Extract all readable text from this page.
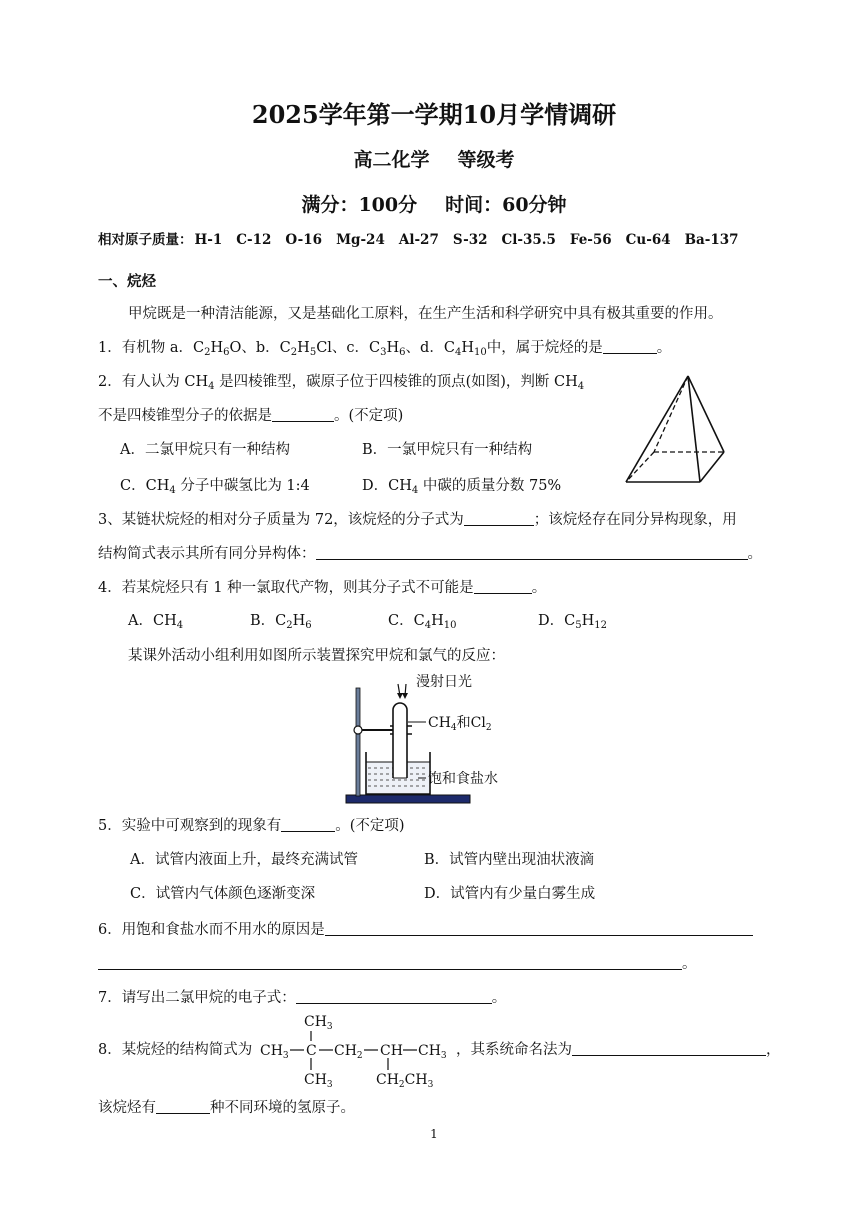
2025学年第一学期10月学情调研
高二化学 等级考
满分：100分 时间：60分钟
相对原子质量： H-1 C-12 O-16 Mg-24 Al-27 S-32 Cl-35.5 Fe-56 Cu-64 Ba-137
一、烷烃
甲烷既是一种清洁能源，又是基础化工原料，在生产生活和科学研究中具有极其重要的作用。
1．有机物 a．$C_2H_6O$、b．$C_2H_5Cl$、c．$C_3H_6$、d．$C_4H_{10}$中，属于烷烃的是	。
2．有人认为 $CH_4$ 是四棱锥型，碳原子位于四棱锥的顶点(如图)，判断 $CH_4$
不是四棱锥型分子的依据是	。(不定项)
A．二氯甲烷只有一种结构	B．一氯甲烷只有一种结构
C．$CH_4$ 分子中碳氢比为 1:4	D．$CH_4$ 中碳的质量分数 75%
3、某链状烷烃的相对分子质量为 72，该烷烃的分子式为	；该烷烃存在同分异构现象，用
结构简式表示其所有同分异构体：	。
4．若某烷烃只有 1 种一氯取代产物，则其分子式不可能是	。
A．$CH_4$	B．$C_2H_6$	C．$C_4H_{10}$	D．$C_5H_{12}$
某课外活动小组利用如图所示装置探究甲烷和氯气的反应：
漫射日光
$CH_4$和$Cl_2$
饱和食盐水
5．实验中可观察到的现象有	。(不定项)
A．试管内液面上升，最终充满试管	B．试管内壁出现油状液滴
C．试管内气体颜色逐渐变深	D．试管内有少量白雾生成
6．用饱和食盐水而不用水的原因是
。
7．请写出二氯甲烷的电子式：	。
8．某烷烃的结构简式为
$CH_3$
$CH_3$ C $CH_2$ CH $CH_3$
$CH_3$	$CH_2CH_3$
，其系统命名法为	，
该烷烃有	种不同环境的氢原子。
1
